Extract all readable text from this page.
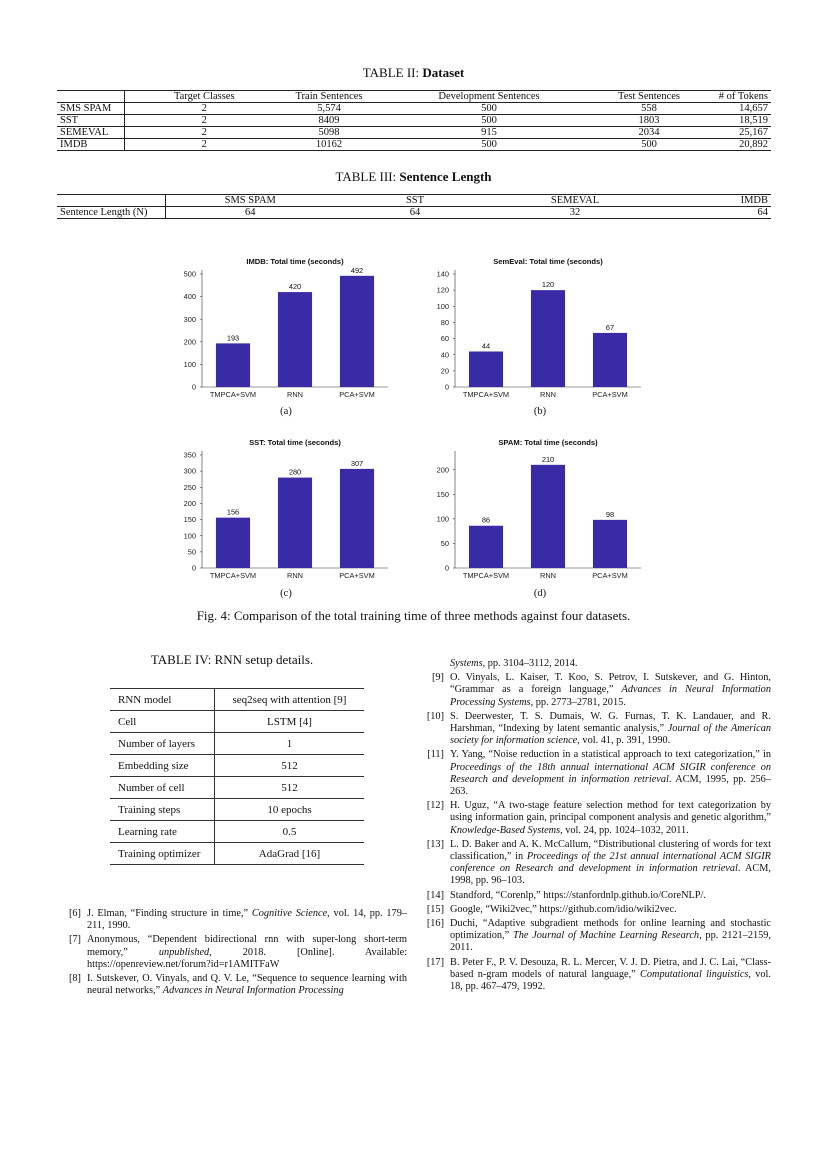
TABLE II: Dataset
	Target Classes	Train Sentences	Development Sentences	Test Sentences	# of Tokens
SMS SPAM	2	5,574	500	558	14,657
SST	2	8409	500	1803	18,519
SEMEVAL	2	5098	915	2034	25,167
IMDB	2	10162	500	500	20,892
TABLE III: Sentence Length
	SMS SPAM	SST	SEMEVAL	IMDB
Sentence Length (N)	64	64	32	64
IMDB: Total time (seconds)
0
100
200
300
400
500
193
TMPCA+SVM
420
RNN
492
PCA+SVM
SemEval: Total time (seconds)
0
20
40
60
80
100
120
140
44
TMPCA+SVM
120
RNN
67
PCA+SVM
SST: Total time (seconds)
0
50
100
150
200
250
300
350
156
TMPCA+SVM
280
RNN
307
PCA+SVM
SPAM: Total time (seconds)
0
50
100
150
200
86
TMPCA+SVM
210
RNN
98
PCA+SVM
(a)	(b)
(c)	(d)
Fig. 4: Comparison of the total training time of three methods against four datasets.
TABLE IV: RNN setup details.
RNN model	seq2seq with attention [9]
Cell	LSTM [4]
Number of layers	1
Embedding size	512
Number of cell	512
Training steps	10 epochs
Learning rate	0.5
Training optimizer	AdaGrad [16]
[6] J. Elman, “Finding structure in time,” Cognitive Science, vol. 14, pp. 179–211, 1990.
[7] Anonymous, “Dependent bidirectional rnn with super-long short-term memory,” unpublished, 2018. [Online]. Available: https://openreview.net/forum?id=r1AMITFaW
[8] I. Sutskever, O. Vinyals, and Q. V. Le, “Sequence to sequence learning with neural networks,” Advances in Neural Information Processing
Systems, pp. 3104–3112, 2014.
[9] O. Vinyals, L. Kaiser, T. Koo, S. Petrov, I. Sutskever, and G. Hinton, “Grammar as a foreign language,” Advances in Neural Information Processing Systems, pp. 2773–2781, 2015.
[10] S. Deerwester, T. S. Dumais, W. G. Furnas, T. K. Landauer, and R. Harshman, “Indexing by latent semantic analysis,” Journal of the American society for information science, vol. 41, p. 391, 1990.
[11] Y. Yang, “Noise reduction in a statistical approach to text categorization,” in Proceedings of the 18th annual international ACM SIGIR conference on Research and development in information retrieval. ACM, 1995, pp. 256–263.
[12] H. Uguz, “A two-stage feature selection method for text categorization by using information gain, principal component analysis and genetic algorithm,” Knowledge-Based Systems, vol. 24, pp. 1024–1032, 2011.
[13] L. D. Baker and A. K. McCallum, “Distributional clustering of words for text classification,” in Proceedings of the 21st annual international ACM SIGIR conference on Research and development in information retrieval. ACM, 1998, pp. 96–103.
[14] Standford, “Corenlp,” https://stanfordnlp.github.io/CoreNLP/.
[15] Google, “Wiki2vec,” https://github.com/idio/wiki2vec.
[16] Duchi, “Adaptive subgradient methods for online learning and stochastic optimization,” The Journal of Machine Learning Research, pp. 2121–2159, 2011.
[17] B. Peter F., P. V. Desouza, R. L. Mercer, V. J. D. Pietra, and J. C. Lai, “Class-based n-gram models of natural language,” Computational linguistics, vol. 18, pp. 467–479, 1992.
